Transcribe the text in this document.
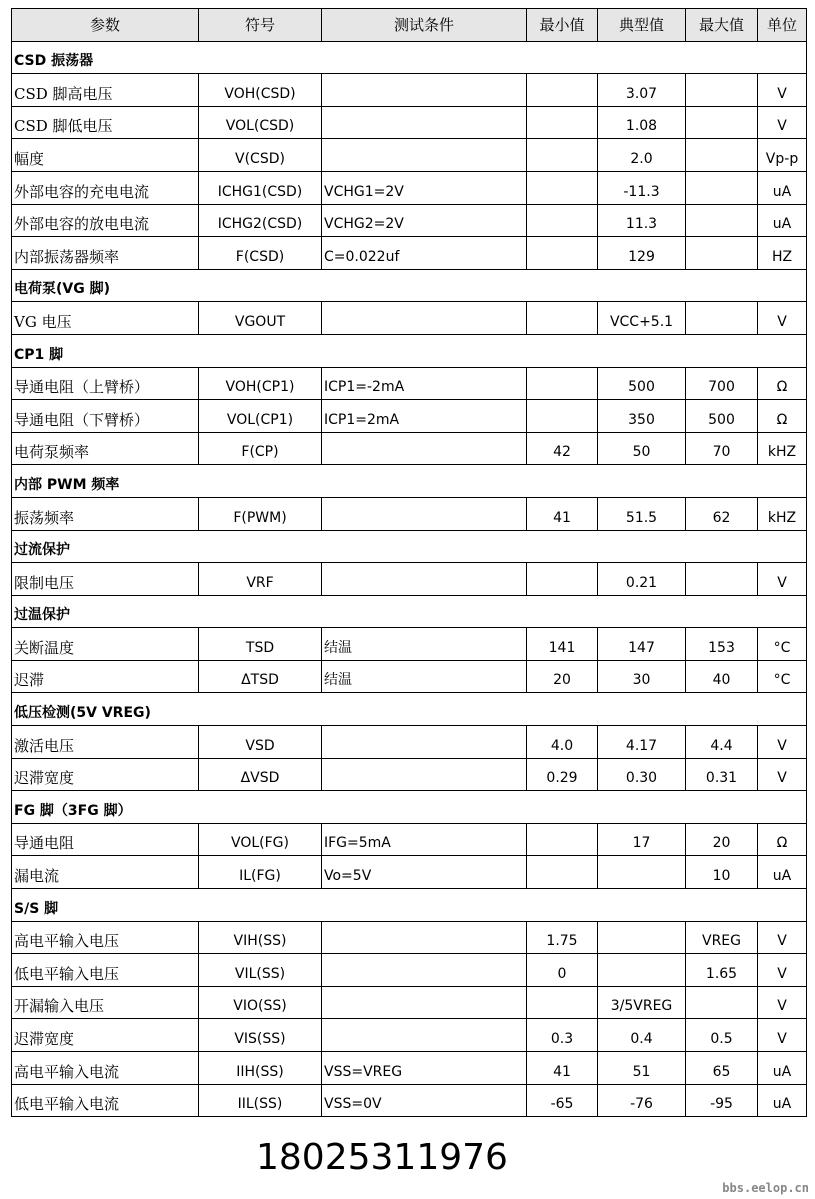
参数	符号	测试条件	最小值	典型值	最大值	单位
CSD 振荡器						
CSD 脚高电压	VOH(CSD)			3.07		V
CSD 脚低电压	VOL(CSD)			1.08		V
幅度	V(CSD)			2.0		Vp-p
外部电容的充电电流	ICHG1(CSD)	VCHG1=2V		-11.3		uA
外部电容的放电电流	ICHG2(CSD)	VCHG2=2V		11.3		uA
内部振荡器频率	F(CSD)	C=0.022uf		129		HZ
电荷泵(VG 脚)						
VG 电压	VGOUT			VCC+5.1		V
CP1 脚						
导通电阻（上臂桥）	VOH(CP1)	ICP1=-2mA		500	700	Ω
导通电阻（下臂桥）	VOL(CP1)	ICP1=2mA		350	500	Ω
电荷泵频率	F(CP)		42	50	70	kHZ
内部 PWM 频率						
振荡频率	F(PWM)		41	51.5	62	kHZ
过流保护						
限制电压	VRF			0.21		V
过温保护						
关断温度	TSD	结温	141	147	153	°C
迟滞	ΔTSD	结温	20	30	40	°C
低压检测(5V VREG)						
激活电压	VSD		4.0	4.17	4.4	V
迟滞宽度	ΔVSD		0.29	0.30	0.31	V
FG 脚（3FG 脚）						
导通电阻	VOL(FG)	IFG=5mA		17	20	Ω
漏电流	IL(FG)	Vo=5V			10	uA
S/S 脚						
高电平输入电压	VIH(SS)		1.75		VREG	V
低电平输入电压	VIL(SS)		0		1.65	V
开漏输入电压	VIO(SS)			3/5VREG		V
迟滞宽度	VIS(SS)		0.3	0.4	0.5	V
高电平输入电流	IIH(SS)	VSS=VREG	41	51	65	uA
低电平输入电流	IIL(SS)	VSS=0V	-65	-76	-95	uA
18025311976
bbs.eelop.cn
